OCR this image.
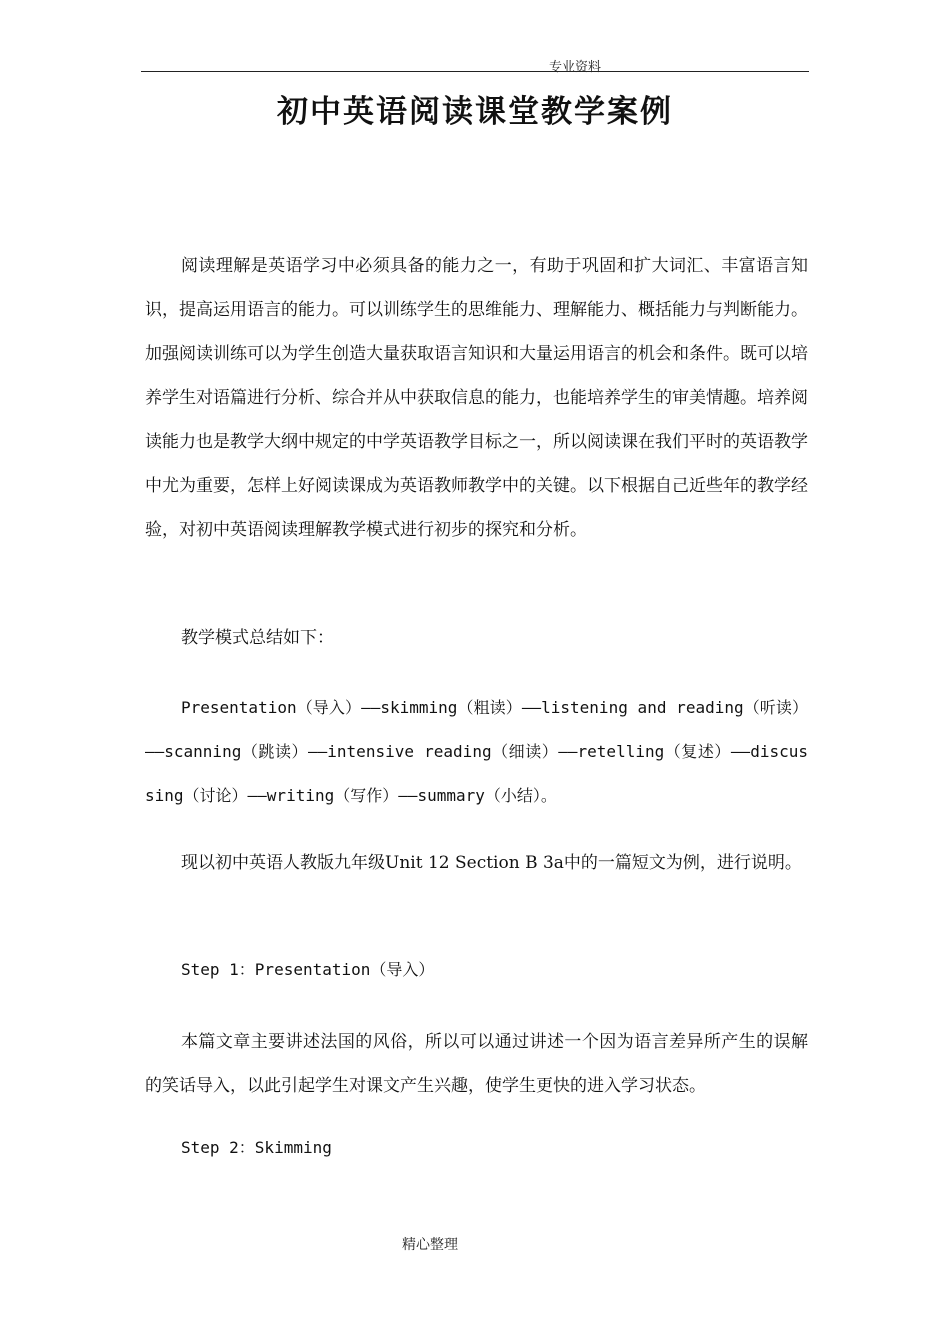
专业资料
初中英语阅读课堂教学案例

阅读理解是英语学习中必须具备的能力之一，有助于巩固和扩大词汇、丰富语言知识，提高运用语言的能力。可以训练学生的思维能力、理解能力、概括能力与判断能力。加强阅读训练可以为学生创造大量获取语言知识和大量运用语言的机会和条件。既可以培养学生对语篇进行分析、综合并从中获取信息的能力，也能培养学生的审美情趣。培养阅读能力也是教学大纲中规定的中学英语教学目标之一，所以阅读课在我们平时的英语教学中尤为重要，怎样上好阅读课成为英语教师教学中的关键。以下根据自己近些年的教学经验，对初中英语阅读理解教学模式进行初步的探究和分析。

教学模式总结如下：

Presentation（导入）——skimming（粗读）——listening and reading（听读）——scanning（跳读）——intensive reading（细读）——retelling（复述）——discussing（讨论）——writing（写作）——summary（小结）。

现以初中英语人教版九年级Unit 12 Section B 3a中的一篇短文为例，进行说明。

Step 1：Presentation（导入）

本篇文章主要讲述法国的风俗，所以可以通过讲述一个因为语言差异所产生的误解的笑话导入，以此引起学生对课文产生兴趣，使学生更快的进入学习状态。

Step 2：Skimming

精心整理
